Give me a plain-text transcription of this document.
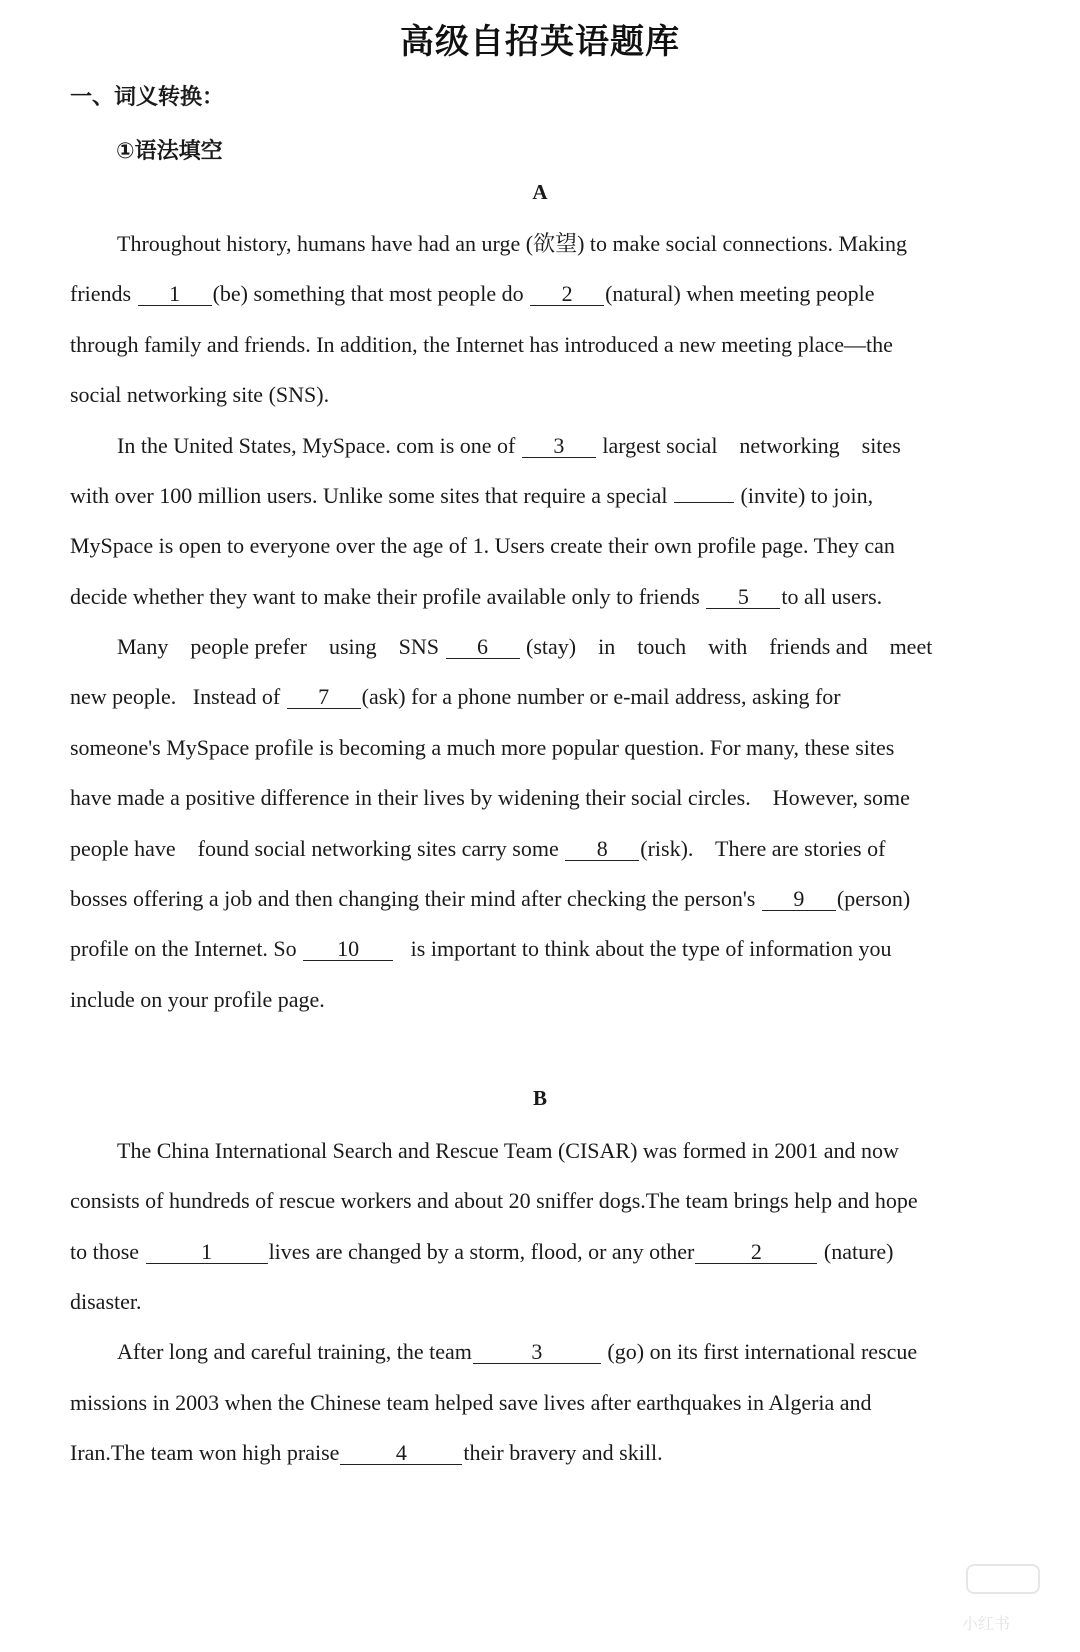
高级自招英语题库
一、词义转换：
①语法填空
A
Throughout history, humans have had an urge (欲望) to make social connections. Making
friends 1 (be) something that most people do 2 (natural) when meeting people
through family and friends. In addition, the Internet has introduced a new meeting place—the
social networking site (SNS).
In the United States, MySpace. com is one of 3 largest social    networking    sites
with over 100 million users. Unlike some sites that require a special	(invite) to join,
MySpace is open to everyone over the age of 1. Users create their own profile page. They can
decide whether they want to make their profile available only to friends 5 to all users.
Many    people prefer    using    SNS 6 (stay)    in    touch    with    friends and    meet
new people.   Instead of 7 (ask) for a phone number or e-mail address, asking for
someone's MySpace profile is becoming a much more popular question. For many, these sites
have made a positive difference in their lives by widening their social circles.    However, some
people have    found social networking sites carry some 8 (risk).    There are stories of
bosses offering a job and then changing their mind after checking the person's 9 (person)
profile on the Internet. So 10   is important to think about the type of information you
include on your profile page.
B
The China International Search and Rescue Team (CISAR) was formed in 2001 and now
consists of hundreds of rescue workers and about 20 sniffer dogs.The team brings help and hope
to those	1	lives are changed by a storm, flood, or any other	2	(nature)
disaster.
After long and careful training, the team	3	(go) on its first international rescue
missions in 2003 when the Chinese team helped save lives after earthquakes in Algeria and
Iran.The team won high praise	4	their bravery and skill.
小红书
